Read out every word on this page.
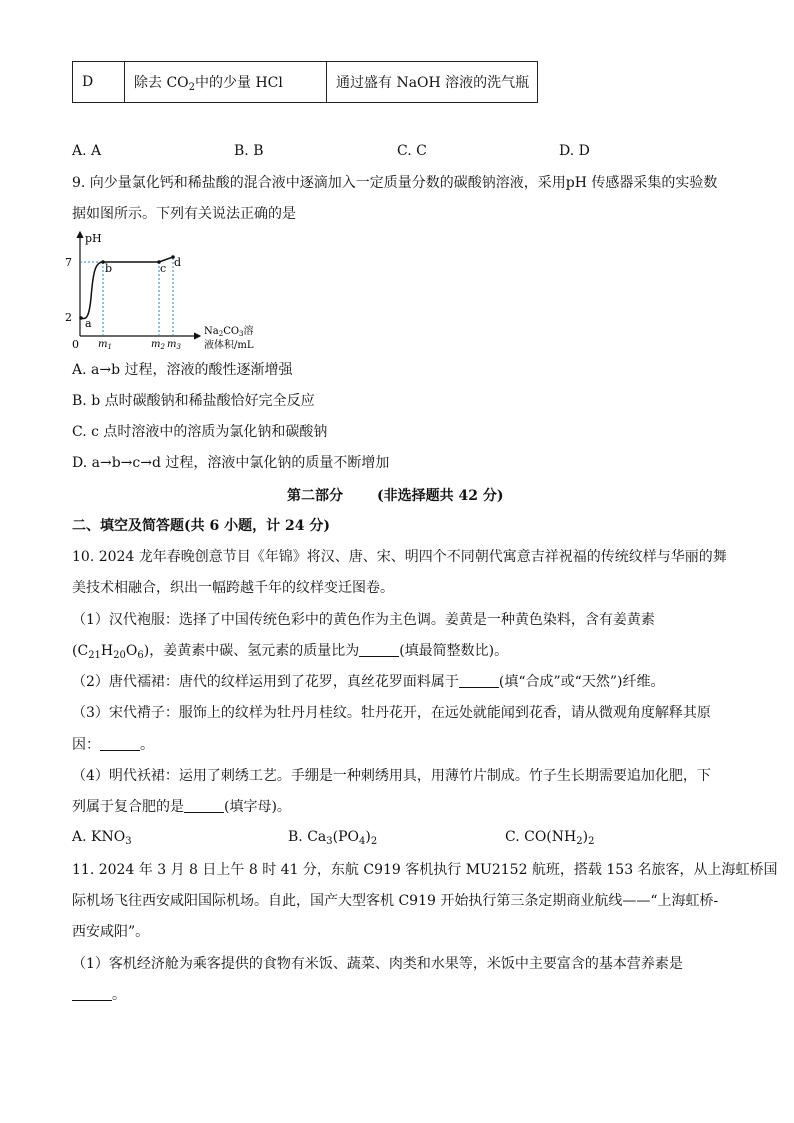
D	除去 $CO_2$中的少量 HCl	通过盛有 NaOH 溶液的洗气瓶
A. A	B. B	C. C	D. D
9. 向少量氯化钙和稀盐酸的混合液中逐滴加入一定质量分数的碳酸钠溶液，采用pH 传感器采集的实验数
据如图所示。下列有关说法正确的是
pH
7
2
0
a
b	c d
$m_1$	$m_2$ $m_3$
$Na_2CO_3$溶
液体积/mL
A. a→b 过程，溶液的酸性逐渐增强
B. b 点时碳酸钠和稀盐酸恰好完全反应
C. c 点时溶液中的溶质为氯化钠和碳酸钠
D. a→b→c→d 过程，溶液中氯化钠的质量不断增加
第二部分 (非选择题共 42 分)
二、填空及简答题(共 6 小题，计 24 分)
10. 2024 龙年春晚创意节目《年锦》将汉、唐、宋、明四个不同朝代寓意吉祥祝福的传统纹样与华丽的舞
美技术相融合，织出一幅跨越千年的纹样变迁图卷。
（1）汉代袍服：选择了中国传统色彩中的黄色作为主色调。姜黄是一种黄色染料，含有姜黄素
$(C_{21}H_{20}O_6)$，姜黄素中碳、氢元素的质量比为	(填最简整数比)。
（2）唐代襦裙：唐代的纹样运用到了花罗，真丝花罗面料属于	(填“合成”或“天然”)纤维。
（3）宋代褙子：服饰上的纹样为牡丹月桂纹。牡丹花开，在远处就能闻到花香，请从微观角度解释其原
因：	。
（4）明代袄裙：运用了刺绣工艺。手绷是一种刺绣用具，用薄竹片制成。竹子生长期需要追加化肥，下
列属于复合肥的是	(填字母)。
A. $KNO_3$	B. $Ca_3(PO_4)_2$	C. $CO(NH_2)_2$
11. 2024 年 3 月 8 日上午 8 时 41 分，东航 C919 客机执行 MU2152 航班，搭载 153 名旅客，从上海虹桥国
际机场飞往西安咸阳国际机场。自此，国产大型客机 C919 开始执行第三条定期商业航线——“上海虹桥-
西安咸阳”。
（1）客机经济舱为乘客提供的食物有米饭、蔬菜、肉类和水果等，米饭中主要富含的基本营养素是
。
